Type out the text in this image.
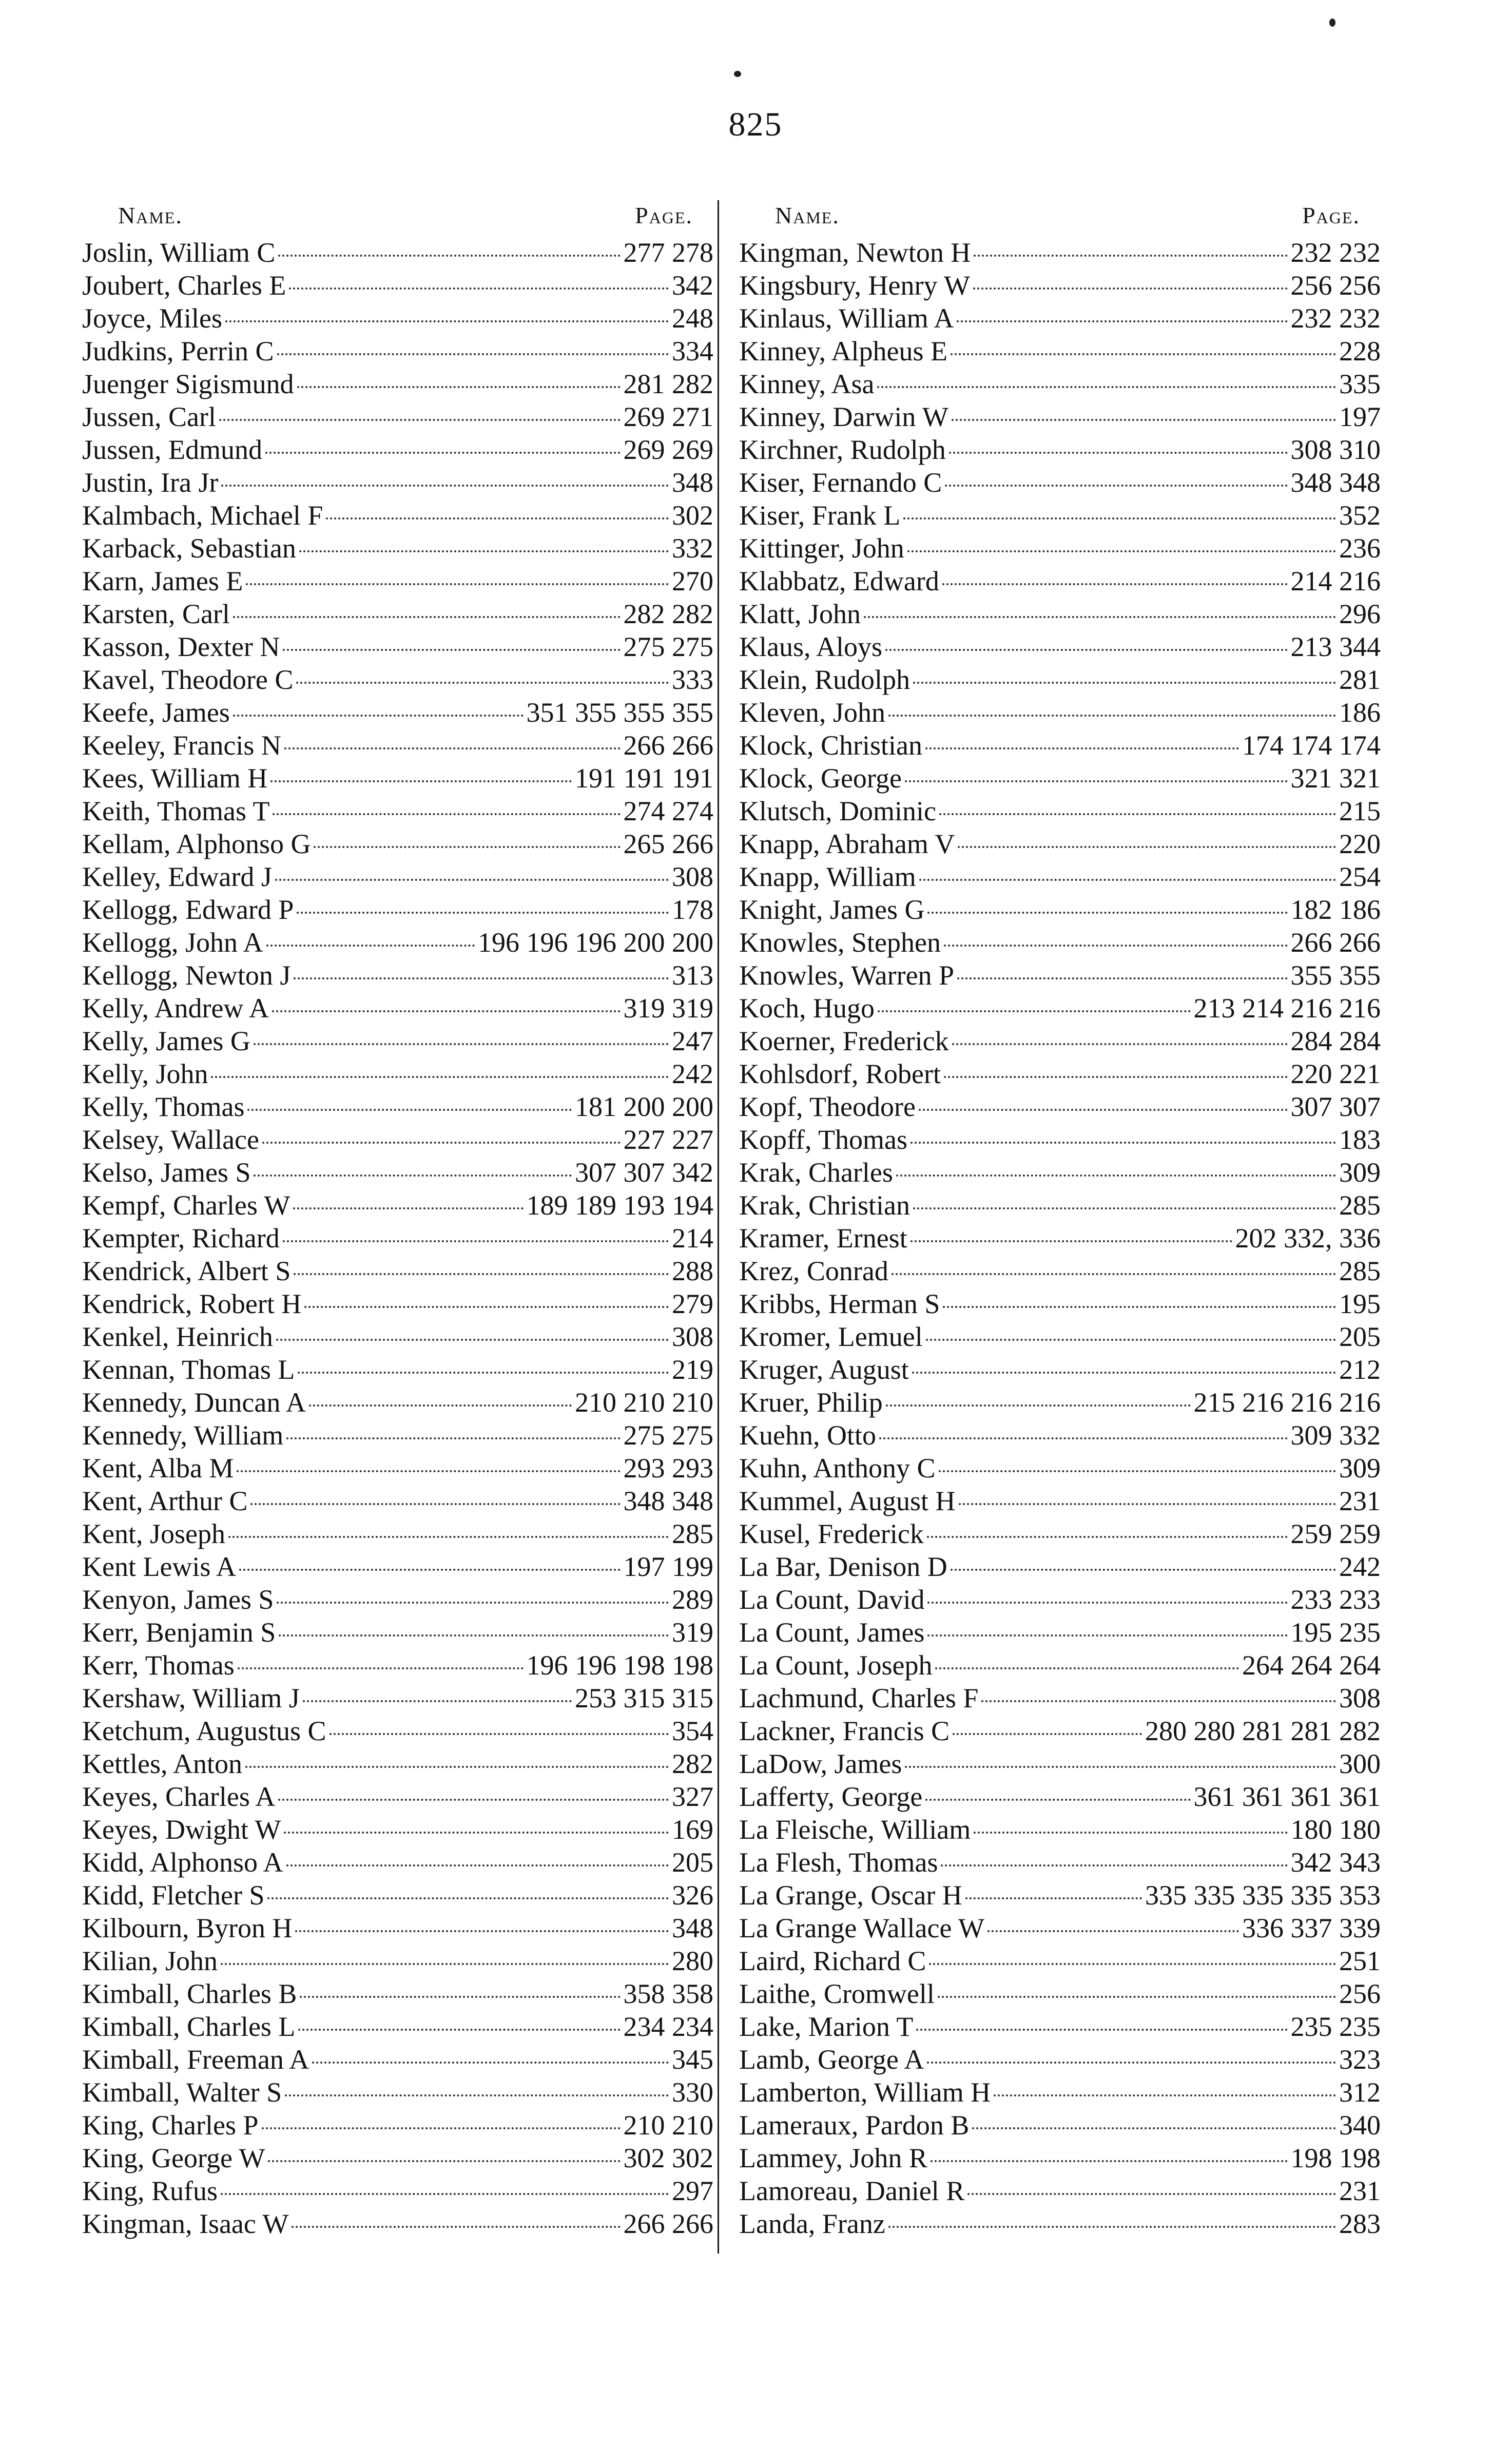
825
Name.	Page.
Joslin, William C	277 278
Joubert, Charles E	342
Joyce, Miles	248
Judkins, Perrin C	334
Juenger Sigismund	281 282
Jussen, Carl	269 271
Jussen, Edmund	269 269
Justin, Ira Jr	348
Kalmbach, Michael F	302
Karback, Sebastian	332
Karn, James E	270
Karsten, Carl	282 282
Kasson, Dexter N	275 275
Kavel, Theodore C	333
Keefe, James	351 355 355 355
Keeley, Francis N	266 266
Kees, William H	191 191 191
Keith, Thomas T	274 274
Kellam, Alphonso G	265 266
Kelley, Edward J	308
Kellogg, Edward P	178
Kellogg, John A	196 196 196 200 200
Kellogg, Newton J	313
Kelly, Andrew A	319 319
Kelly, James G	247
Kelly, John	242
Kelly, Thomas	181 200 200
Kelsey, Wallace	227 227
Kelso, James S	307 307 342
Kempf, Charles W	189 189 193 194
Kempter, Richard	214
Kendrick, Albert S	288
Kendrick, Robert H	279
Kenkel, Heinrich	308
Kennan, Thomas L	219
Kennedy, Duncan A	210 210 210
Kennedy, William	275 275
Kent, Alba M	293 293
Kent, Arthur C	348 348
Kent, Joseph	285
Kent Lewis A	197 199
Kenyon, James S	289
Kerr, Benjamin S	319
Kerr, Thomas	196 196 198 198
Kershaw, William J	253 315 315
Ketchum, Augustus C	354
Kettles, Anton	282
Keyes, Charles A	327
Keyes, Dwight W	169
Kidd, Alphonso A	205
Kidd, Fletcher S	326
Kilbourn, Byron H	348
Kilian, John	280
Kimball, Charles B	358 358
Kimball, Charles L	234 234
Kimball, Freeman A	345
Kimball, Walter S	330
King, Charles P	210 210
King, George W	302 302
King, Rufus	297
Kingman, Isaac W	266 266
Name.	Page.
Kingman, Newton H	232 232
Kingsbury, Henry W	256 256
Kinlaus, William A	232 232
Kinney, Alpheus E	228
Kinney, Asa	335
Kinney, Darwin W	197
Kirchner, Rudolph	308 310
Kiser, Fernando C	348 348
Kiser, Frank L	352
Kittinger, John	236
Klabbatz, Edward	214 216
Klatt, John	296
Klaus, Aloys	213 344
Klein, Rudolph	281
Kleven, John	186
Klock, Christian	174 174 174
Klock, George	321 321
Klutsch, Dominic	215
Knapp, Abraham V	220
Knapp, William	254
Knight, James G	182 186
Knowles, Stephen	266 266
Knowles, Warren P	355 355
Koch, Hugo	213 214 216 216
Koerner, Frederick	284 284
Kohlsdorf, Robert	220 221
Kopf, Theodore	307 307
Kopff, Thomas	183
Krak, Charles	309
Krak, Christian	285
Kramer, Ernest	202 332, 336
Krez, Conrad	285
Kribbs, Herman S	195
Kromer, Lemuel	205
Kruger, August	212
Kruer, Philip	215 216 216 216
Kuehn, Otto	309 332
Kuhn, Anthony C	309
Kummel, August H	231
Kusel, Frederick	259 259
La Bar, Denison D	242
La Count, David	233 233
La Count, James	195 235
La Count, Joseph	264 264 264
Lachmund, Charles F	308
Lackner, Francis C	280 280 281 281 282
LaDow, James	300
Lafferty, George	361 361 361 361
La Fleische, William	180 180
La Flesh, Thomas	342 343
La Grange, Oscar H	335 335 335 335 353
La Grange Wallace W	336 337 339
Laird, Richard C	251
Laithe, Cromwell	256
Lake, Marion T	235 235
Lamb, George A	323
Lamberton, William H	312
Lameraux, Pardon B	340
Lammey, John R	198 198
Lamoreau, Daniel R	231
Landa, Franz	283
